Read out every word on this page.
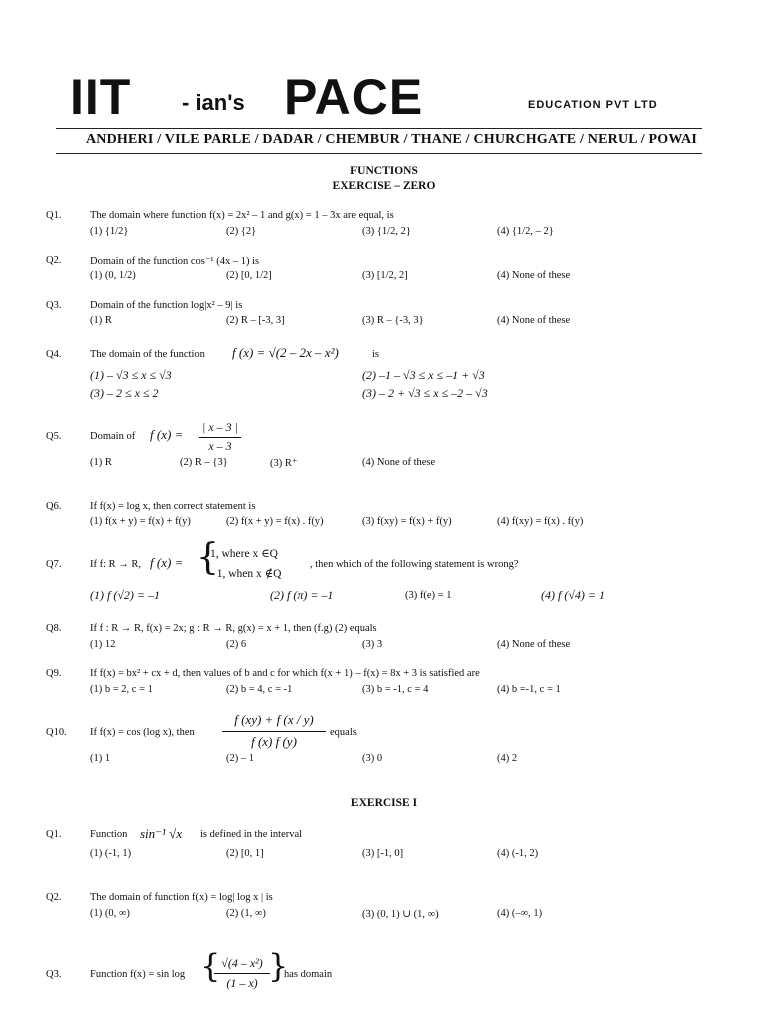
IIT - ian's PACE	EDUCATION PVT LTD
ANDHERI / VILE PARLE / DADAR / CHEMBUR / THANE / CHURCHGATE / NERUL / POWAI
FUNCTIONS
EXERCISE – ZERO
Q1.	The domain where function f(x) = 2x² – 1 and g(x) = 1 – 3x are equal, is
(1) {1/2}	(2) {2}	(3) {1/2, 2}	(4) {1/2, – 2}
Q2.	Domain of the function cos⁻¹ (4x – 1) is
(1) (0, 1/2)	(2) [0, 1/2]	(3) [1/2, 2]	(4) None of these
Q3.	Domain of the function log|x² – 9| is
(1) R	(2) R – [-3, 3]	(3) R – {-3, 3}	(4) None of these
Q4.	The domain of the function f (x) = √(2 – 2x – x²)	is
(1) – √3 ≤ x ≤ √3	(2) –1 – √3 ≤ x ≤ –1 + √3
(3) – 2 ≤ x ≤ 2	(3) – 2 + √3 ≤ x ≤ –2 – √3
Q5.	Domain of f (x) = | x – 3 |
x – 3
(1) R	(2) R – {3}	(3) R⁺	(4) None of these
Q6.	If f(x) = log x, then correct statement is
(1) f(x + y) = f(x) + f(y)	(2) f(x + y) = f(x) . f(y)	(3) f(xy) = f(x) + f(y)	(4) f(xy) = f(x) . f(y)
Q7.	If f: R → R, f (x) = {
1, where x ∈Q
- 1, when x ∉Q
, then which of the following statement is wrong?
(1) f (√2) = –1	(2) f (π) = –1	(3) f(e) = 1	(4) f (√4) = 1
Q8.	If f : R → R, f(x) = 2x; g : R → R, g(x) = x + 1, then (f.g) (2) equals
(1) 12	(2) 6	(3) 3	(4) None of these
Q9.	If f(x) = bx² + cx + d, then values of b and c for which f(x + 1) – f(x) = 8x + 3 is satisfied are
(1) b = 2, c = 1	(2) b = 4, c = -1	(3) b = -1, c = 4	(4) b =-1, c = 1
Q10. If f(x) = cos (log x), then
f (xy) + f (x / y)
f (x) f (y)
equals
(1) 1	(2) – 1	(3) 0	(4) 2
EXERCISE I
Q1.	Function sin⁻¹ √x is defined in the interval
(1) (-1, 1)	(2) [0, 1]	(3) [-1, 0]	(4) (-1, 2)
Q2.	The domain of function f(x) = log| log x | is
(1) (0, ∞)	(2) (1, ∞)	(3) (0, 1) ∪ (1, ∞)	(4) (–∞, 1)
Q3.	Function f(x) = sin log { √(4 – x²)
(1 – x) }
has domain
